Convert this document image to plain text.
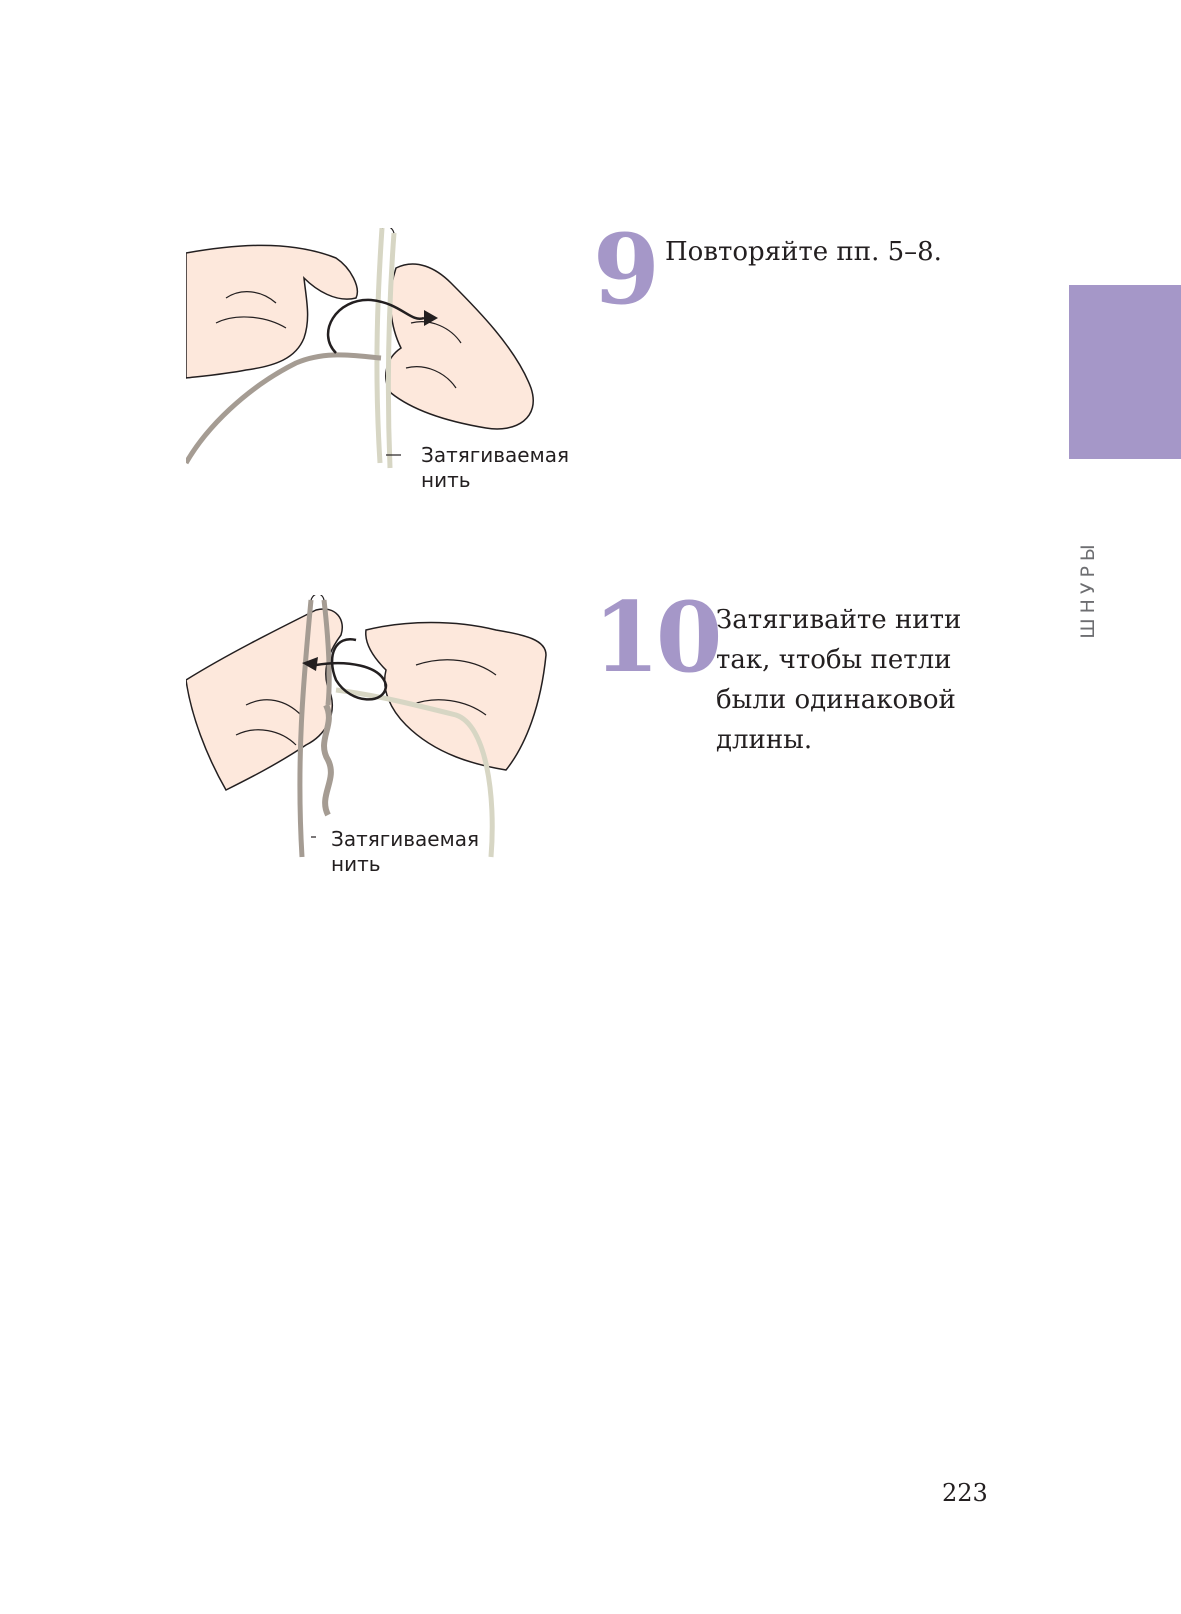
ШНУРЫ
Затягиваемая
нить
9 Повторяйте пп. 5–8.
Затягиваемая
нить
10
Затягивайте нити
так, чтобы петли
были одинаковой
длины.
223
